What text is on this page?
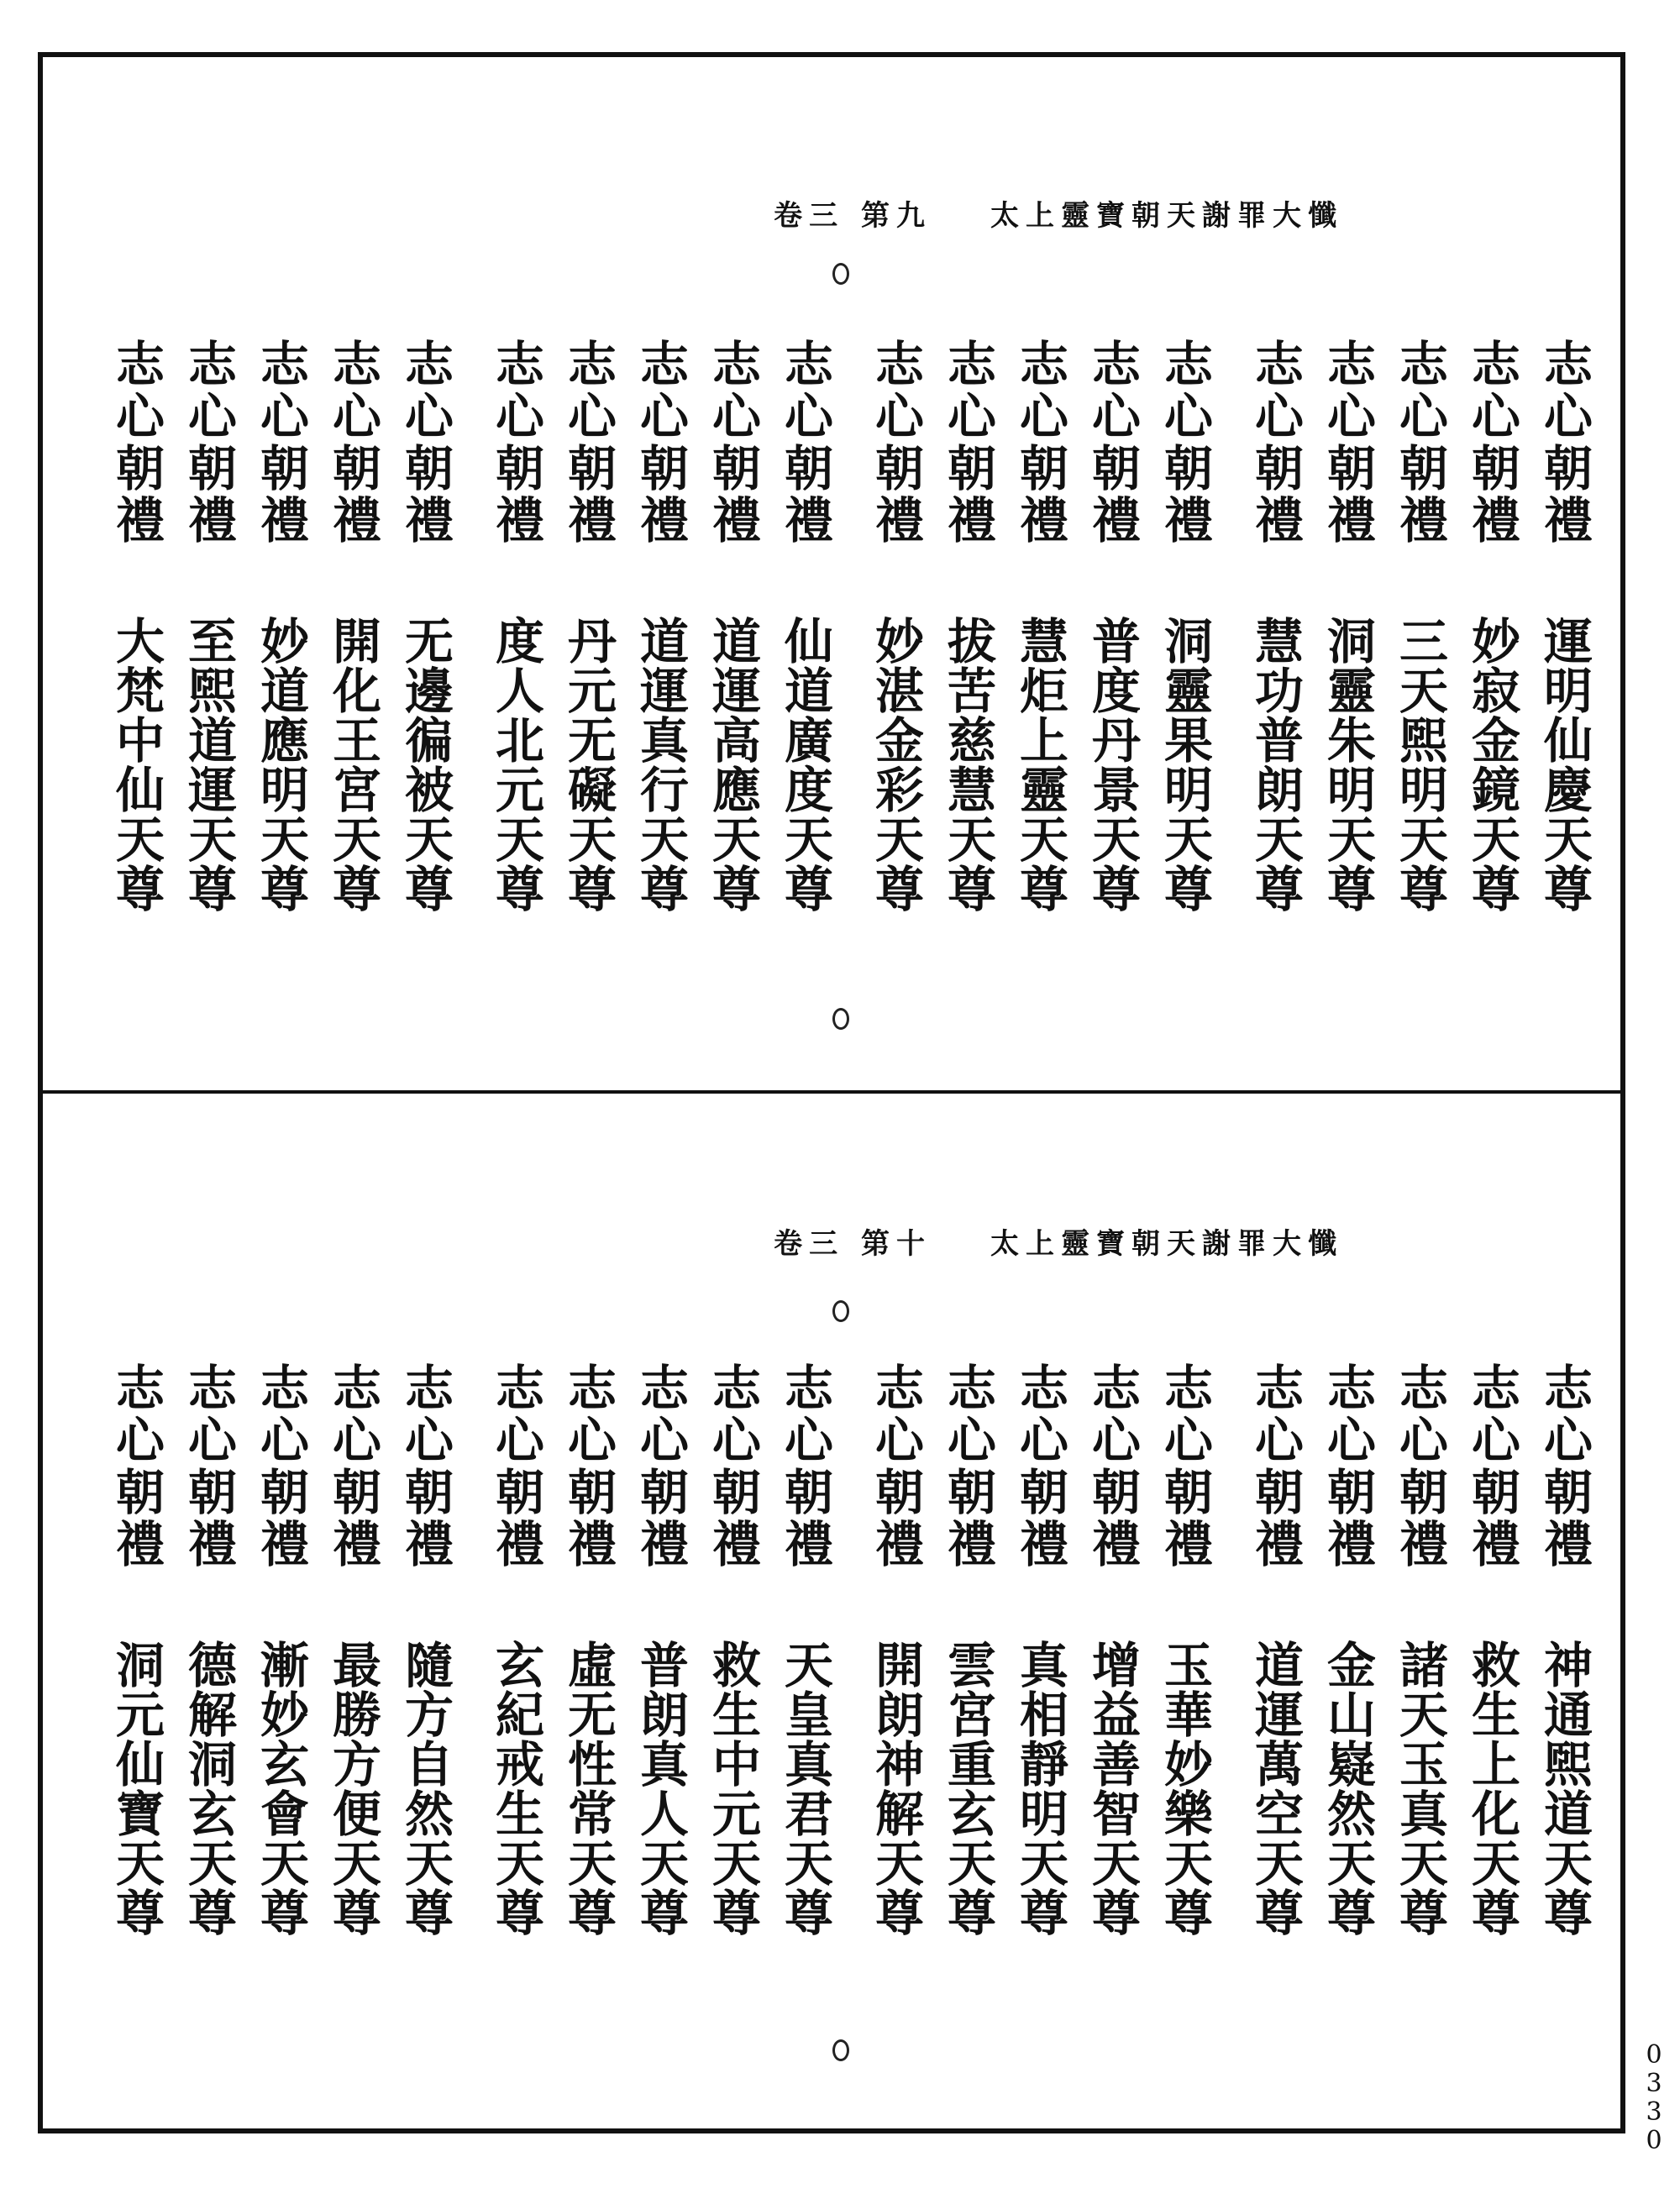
太上靈寶朝天謝罪大懺
卷三 第九
志心朝禮
運明仙慶天尊
志心朝禮
妙寂金鏡天尊
志心朝禮
三天煕明天尊
志心朝禮
洞靈朱明天尊
志心朝禮
慧功普朗天尊
志心朝禮
洞靈果明天尊
志心朝禮
普度丹景天尊
志心朝禮
慧炬上靈天尊
志心朝禮
拔苦慈慧天尊
志心朝禮
妙湛金彩天尊
志心朝禮
仙道廣度天尊
志心朝禮
道運高應天尊
志心朝禮
道運真行天尊
志心朝禮
丹元无礙天尊
志心朝禮
度人北元天尊
志心朝禮
无邊徧被天尊
志心朝禮
開化王宮天尊
志心朝禮
妙道應明天尊
志心朝禮
至煕道運天尊
志心朝禮
大梵中仙天尊
太上靈寶朝天謝罪大懺
卷三 第十
志心朝禮
神通煕道天尊
志心朝禮
救生上化天尊
志心朝禮
諸天玉真天尊
志心朝禮
金山嶷然天尊
志心朝禮
道運萬空天尊
志心朝禮
玉華妙樂天尊
志心朝禮
增益善智天尊
志心朝禮
真相靜明天尊
志心朝禮
雲宮重玄天尊
志心朝禮
開朗神解天尊
志心朝禮
天皇真君天尊
志心朝禮
救生中元天尊
志心朝禮
普朗真人天尊
志心朝禮
虛无性常天尊
志心朝禮
玄紀戒生天尊
志心朝禮
隨方自然天尊
志心朝禮
最勝方便天尊
志心朝禮
漸妙玄會天尊
志心朝禮
德解洞玄天尊
志心朝禮
洞元仙寶天尊
0330
